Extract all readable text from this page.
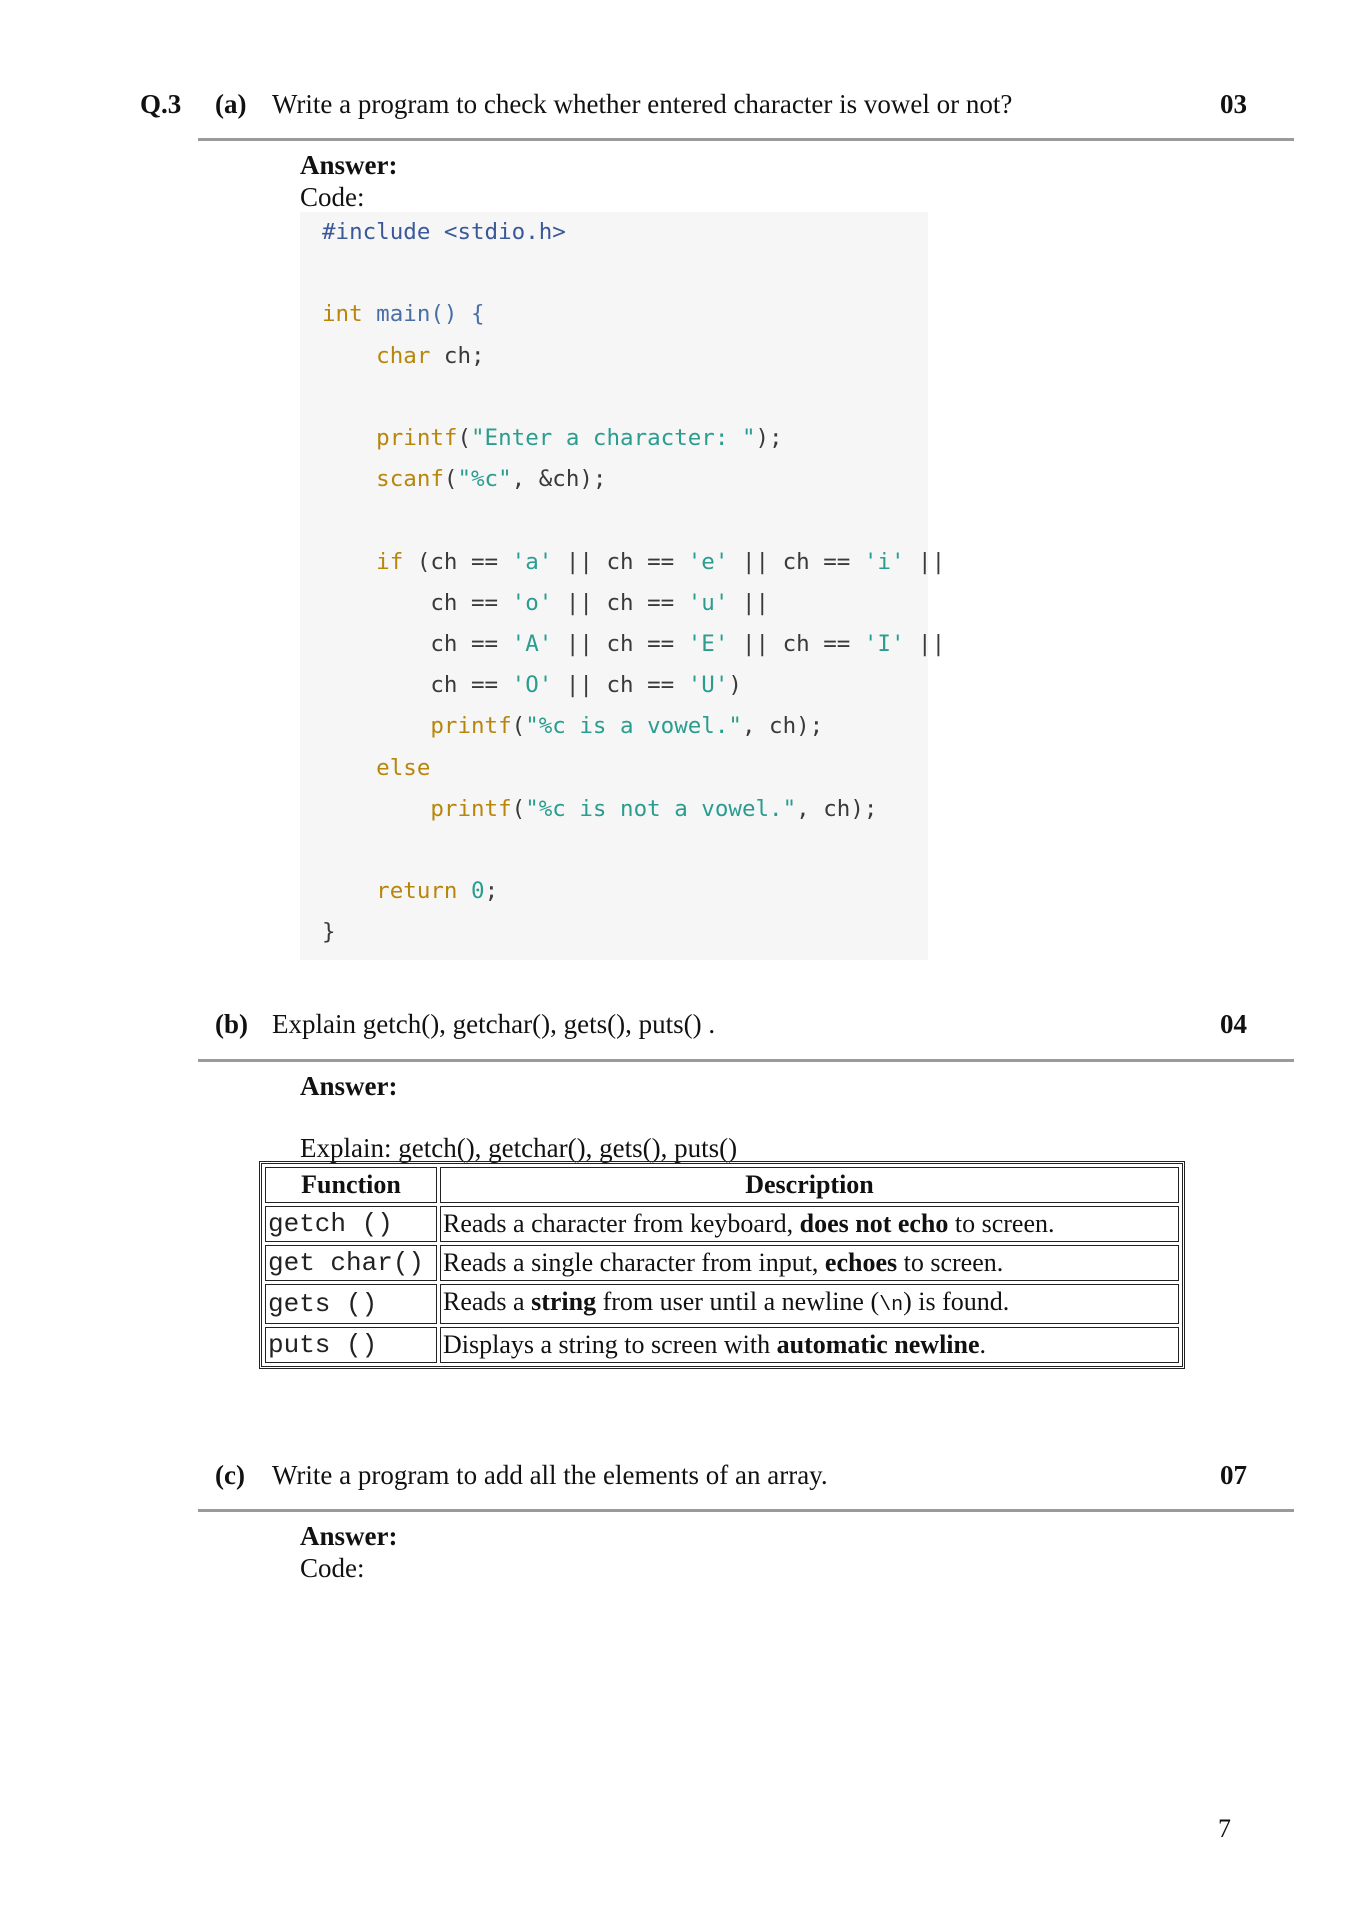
Q.3 (a) Write a program to check whether entered character is vowel or not?	03
Answer:
Code:
#include <stdio.h>

int main() {
char ch;

printf("Enter a character: ");
scanf("%c", &ch);

if (ch == 'a' || ch == 'e' || ch == 'i' ||
ch == 'o' || ch == 'u' ||
ch == 'A' || ch == 'E' || ch == 'I' ||
ch == 'O' || ch == 'U')
printf("%c is a vowel.", ch);
else
printf("%c is not a vowel.", ch);

return 0;
}
(b) Explain getch(), getchar(), gets(), puts() .	04
Answer:
Explain: getch(), getchar(), gets(), puts()
Function	Description
getch ()	Reads a character from keyboard, does not echo to screen.
get char()	Reads a single character from input, echoes to screen.
gets ()	Reads a string from user until a newline (\n) is found.
puts ()	Displays a string to screen with automatic newline.
(c) Write a program to add all the elements of an array.	07
Answer:
Code:
7
